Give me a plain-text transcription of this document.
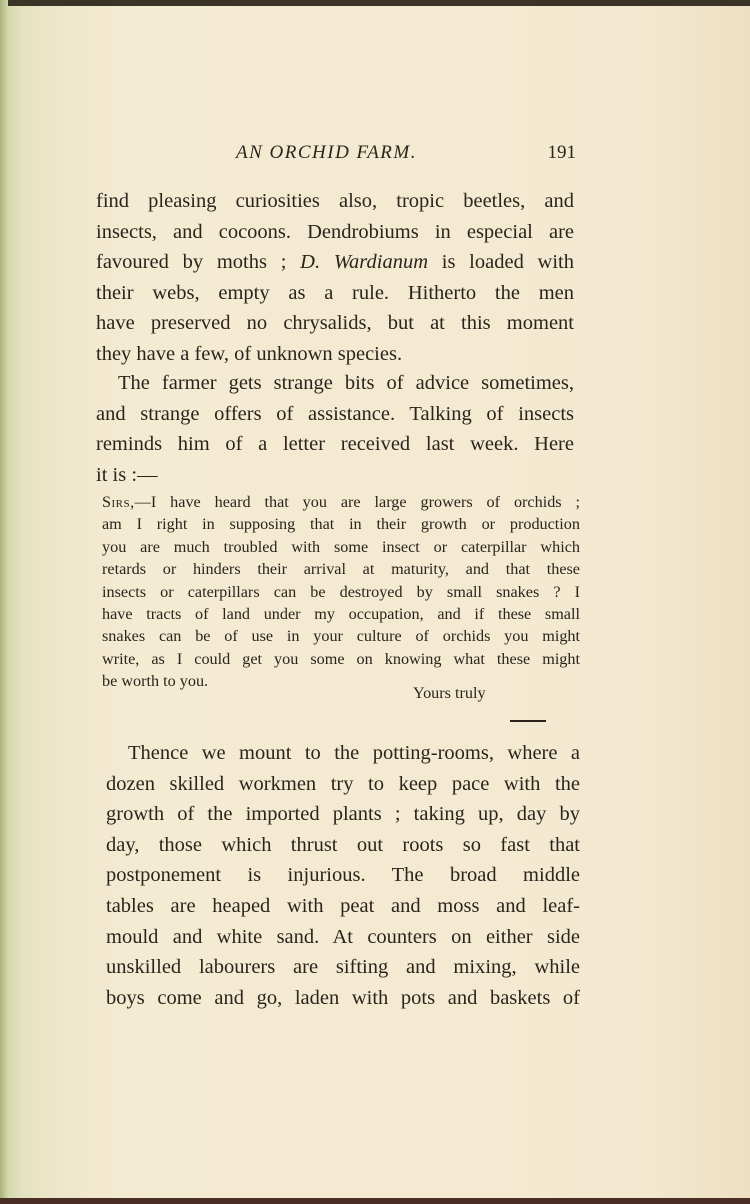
AN ORCHID FARM.	191
find pleasing curiosities also, tropic beetles, and
insects, and cocoons. Dendrobiums in especial are
favoured by moths ; D. Wardianum is loaded with
their webs, empty as a rule. Hitherto the men
have preserved no chrysalids, but at this moment
they have a few, of unknown species.
The farmer gets strange bits of advice sometimes,
and strange offers of assistance. Talking of insects
reminds him of a letter received last week. Here
it is :—
Sirs,—I have heard that you are large growers of orchids ;
am I right in supposing that in their growth or production
you are much troubled with some insect or caterpillar which
retards or hinders their arrival at maturity, and that these
insects or caterpillars can be destroyed by small snakes ? I
have tracts of land under my occupation, and if these small
snakes can be of use in your culture of orchids you might
write, as I could get you some on knowing what these might
be worth to you.
Yours truly
Thence we mount to the potting-rooms, where a
dozen skilled workmen try to keep pace with the
growth of the imported plants ; taking up, day by
day, those which thrust out roots so fast that
postponement is injurious. The broad middle
tables are heaped with peat and moss and leaf-
mould and white sand. At counters on either side
unskilled labourers are sifting and mixing, while
boys come and go, laden with pots and baskets of
